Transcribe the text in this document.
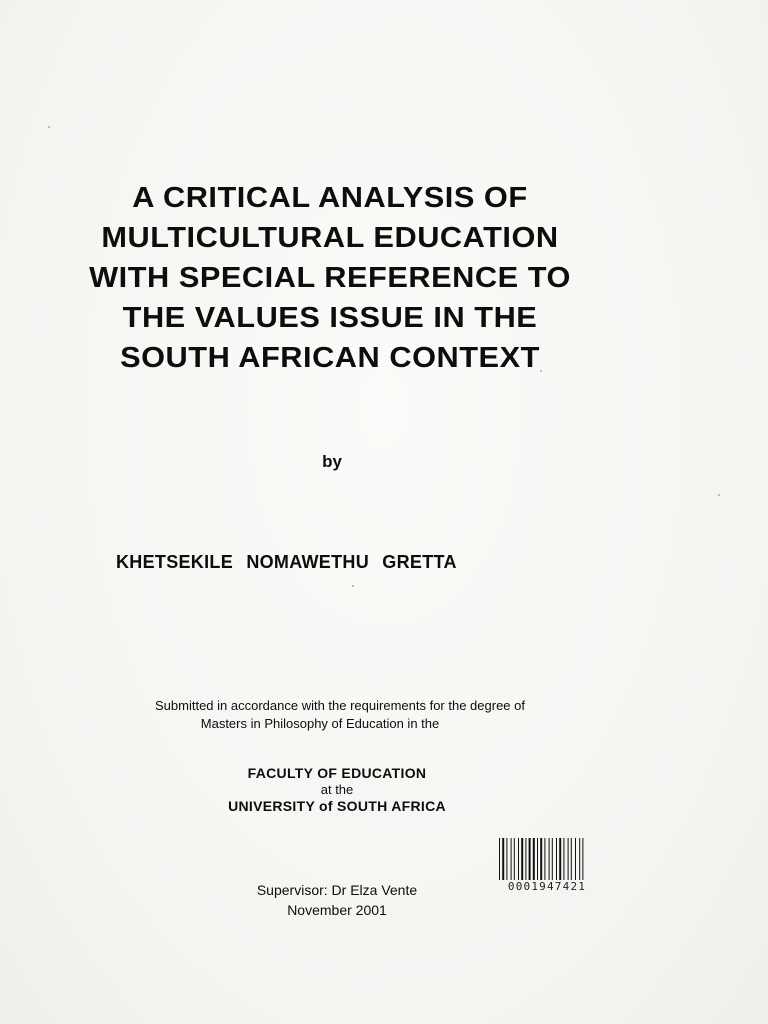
A CRITICAL ANALYSIS OF
MULTICULTURAL EDUCATION
WITH SPECIAL REFERENCE TO
THE VALUES ISSUE IN THE
SOUTH AFRICAN CONTEXT
by
KHETSEKILE NOMAWETHU GRETTA
Submitted in accordance with the requirements for the degree of
Masters in Philosophy of Education in the
FACULTY OF EDUCATION
at the
UNIVERSITY of SOUTH AFRICA
Supervisor: Dr Elza Vente
November 2001
0001947421
